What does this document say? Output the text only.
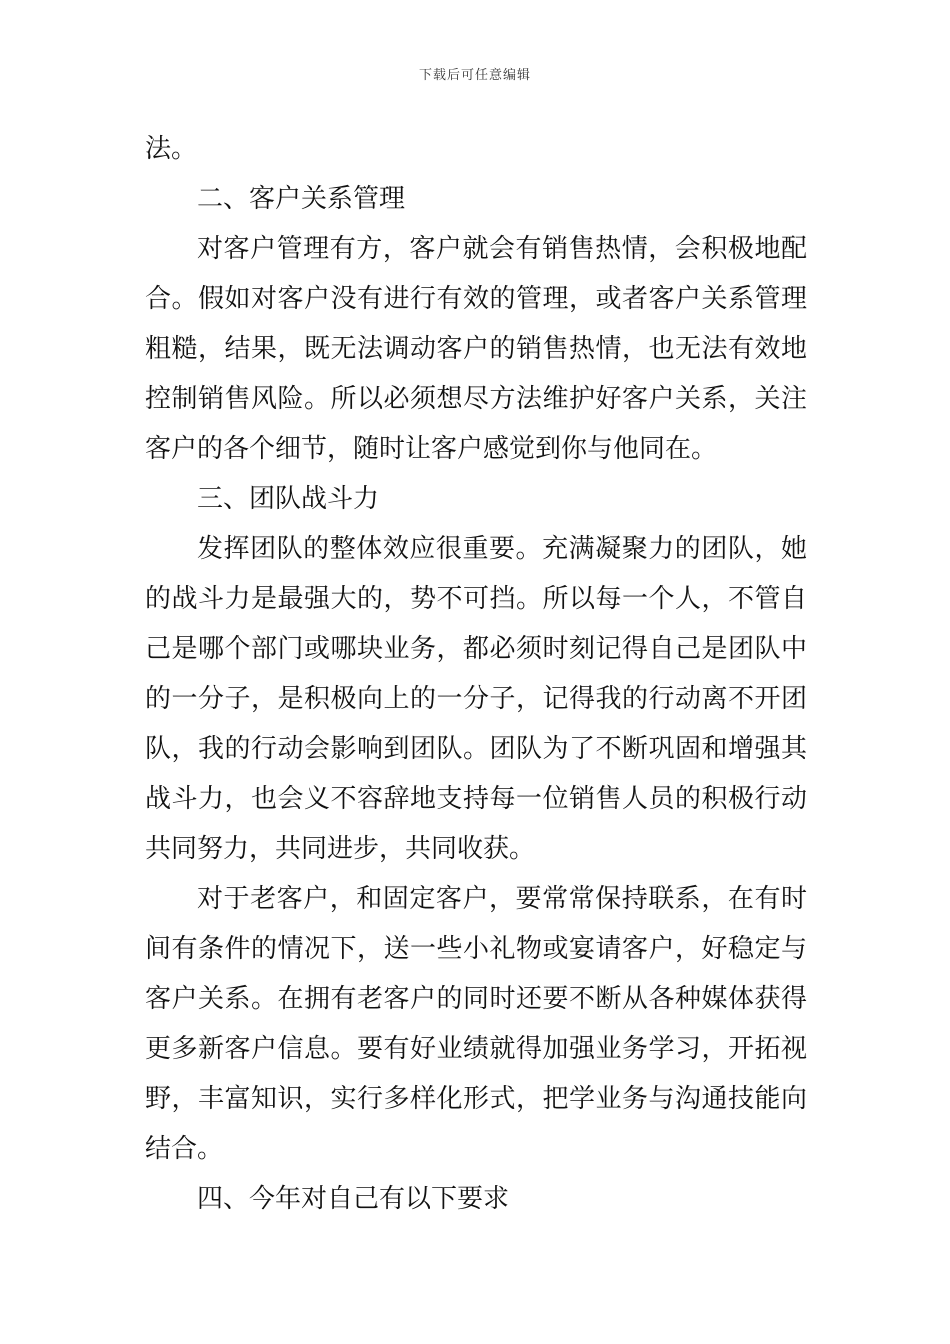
下载后可任意编辑
法。
二、客户关系管理
对客户管理有方，客户就会有销售热情，会积极地配
合。假如对客户没有进行有效的管理，或者客户关系管理
粗糙，结果，既无法调动客户的销售热情，也无法有效地
控制销售风险。所以必须想尽方法维护好客户关系，关注
客户的各个细节，随时让客户感觉到你与他同在。
三、团队战斗力
发挥团队的整体效应很重要。充满凝聚力的团队，她
的战斗力是最强大的，势不可挡。所以每一个人，不管自
己是哪个部门或哪块业务，都必须时刻记得自己是团队中
的一分子，是积极向上的一分子，记得我的行动离不开团
队，我的行动会影响到团队。团队为了不断巩固和增强其
战斗力，也会义不容辞地支持每一位销售人员的积极行动
共同努力，共同进步，共同收获。
对于老客户，和固定客户，要常常保持联系，在有时
间有条件的情况下，送一些小礼物或宴请客户，好稳定与
客户关系。在拥有老客户的同时还要不断从各种媒体获得
更多新客户信息。要有好业绩就得加强业务学习，开拓视
野，丰富知识，实行多样化形式，把学业务与沟通技能向
结合。
四、今年对自己有以下要求
